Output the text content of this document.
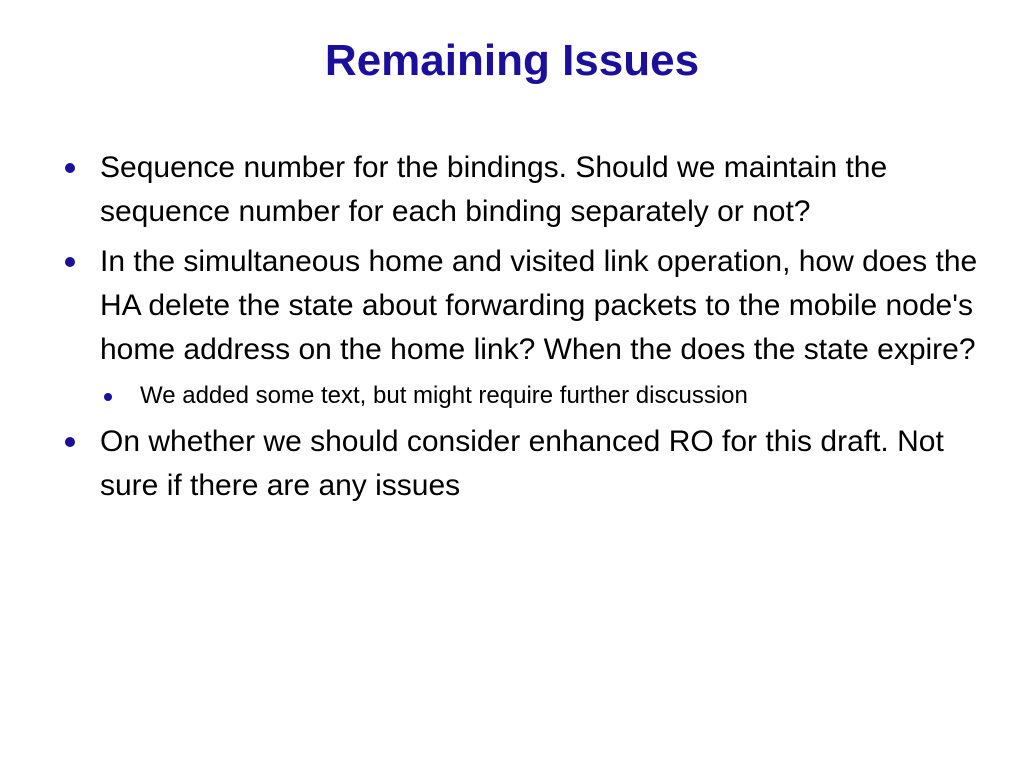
Remaining Issues
Sequence number for the bindings. Should we maintain the sequence number for each binding separately or not?
In the simultaneous home and visited link operation, how does the HA delete the state about forwarding packets to the mobile node's home address on the home link? When the does the state expire?
We added some text, but might require further discussion
On whether we should consider enhanced RO for this draft. Not sure if there are any issues
